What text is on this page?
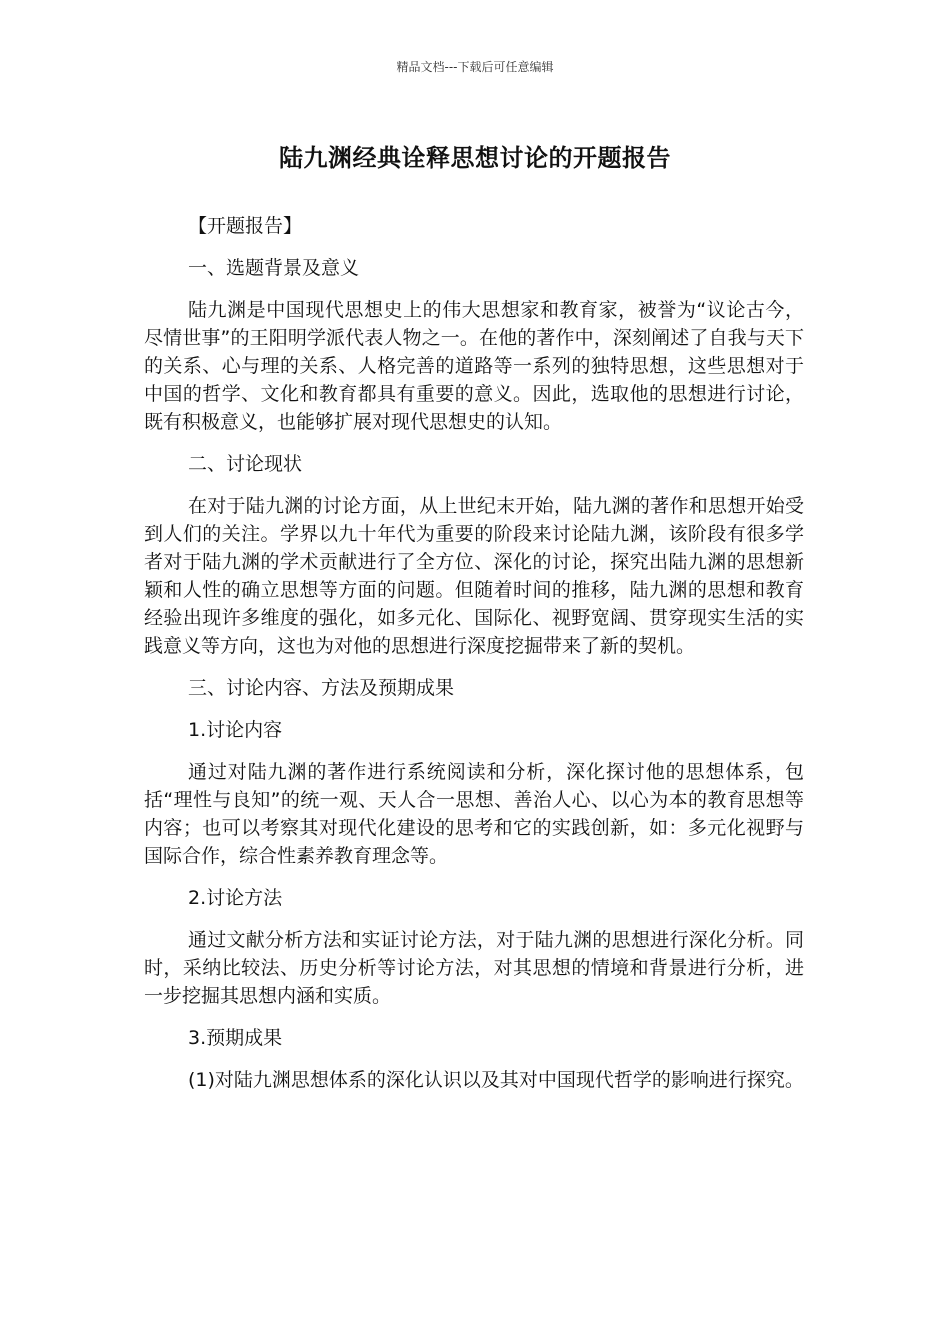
精品文档---下载后可任意编辑
陆九渊经典诠释思想讨论的开题报告

【开题报告】

一、选题背景及意义

陆九渊是中国现代思想史上的伟大思想家和教育家，被誉为“议论古今，尽情世事”的王阳明学派代表人物之一。在他的著作中，深刻阐述了自我与天下的关系、心与理的关系、人格完善的道路等一系列的独特思想，这些思想对于中国的哲学、文化和教育都具有重要的意义。因此，选取他的思想进行讨论，既有积极意义，也能够扩展对现代思想史的认知。

二、讨论现状

在对于陆九渊的讨论方面，从上世纪末开始，陆九渊的著作和思想开始受到人们的关注。学界以九十年代为重要的阶段来讨论陆九渊，该阶段有很多学者对于陆九渊的学术贡献进行了全方位、深化的讨论，探究出陆九渊的思想新颖和人性的确立思想等方面的问题。但随着时间的推移，陆九渊的思想和教育经验出现许多维度的强化，如多元化、国际化、视野宽阔、贯穿现实生活的实践意义等方向，这也为对他的思想进行深度挖掘带来了新的契机。

三、讨论内容、方法及预期成果

1.讨论内容

通过对陆九渊的著作进行系统阅读和分析，深化探讨他的思想体系，包括“理性与良知”的统一观、天人合一思想、善治人心、以心为本的教育思想等内容；也可以考察其对现代化建设的思考和它的实践创新，如：多元化视野与国际合作，综合性素养教育理念等。

2.讨论方法

通过文献分析方法和实证讨论方法，对于陆九渊的思想进行深化分析。同时，采纳比较法、历史分析等讨论方法，对其思想的情境和背景进行分析，进一步挖掘其思想内涵和实质。

3.预期成果

(1)对陆九渊思想体系的深化认识以及其对中国现代哲学的影响进行探究。
